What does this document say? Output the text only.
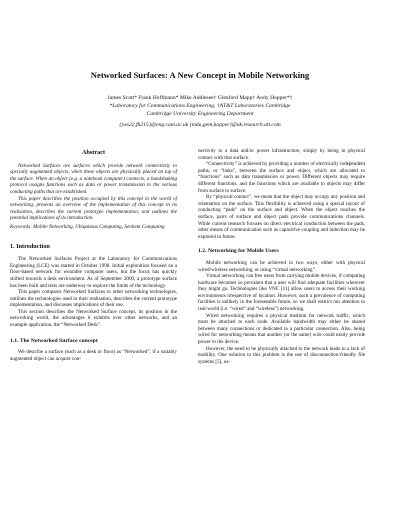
Networked Surfaces: A New Concept in Mobile Networking
James Scott* Frank Hoffmann* Mike Addlesee† Glenford Mapp† Andy Hopper*†
*Laboratory for Communications Engineering, †AT&T Laboratories Cambridge
Cambridge University Engineering Department
{jws22,fh215}@eng.cam.ac.uk {mda,gem,hopper}@uk.research.att.com
Abstract

Networked Surfaces are surfaces which provide network connectivity to specially augmented objects, when these objects are physically placed on top of the surface. When an object (e.g. a notebook computer) connects, a handshaking protocol assigns functions such as data or power transmission to the various conducting paths that are established.

This paper describes the position occupied by this concept in the world of networking, presents an overview of the implementation of this concept in its realisation, describes the current prototype implementation, and outlines the potential implications of its introduction.

Keywords: Mobile Networking, Ubiquitous Computing, Sentient Computing

1. Introduction

The Networked Surfaces Project at the Laboratory for Communications Engineering (LCE) was started in October 1998. Initial exploration focused on a floor-based network for wearable computer users, but the focus has quickly shifted towards a desk environment. As of September 2000, a prototype surface has been built and tests are underway to explore the limits of the technology.

This paper compares Networked Surfaces to other networking technologies, outlines the technologies used in their realisation, describes the current prototype implementation, and discusses implications of their use.

This section describes the Networked Surface concept, its position in the networking world, the advantages it exhibits over other networks, and an example application, the “Networked Desk”.

1.1. The Networked Surface concept

We describe a surface (such as a desk or floor) as “Networked”, if a suitably augmented object can acquire con-

nectivity to a data and/or power infrastructure, simply by being in physical contact with that surface.

“Connectivity” is achieved by providing a number of electrically independent paths, or “links”, between the surface and object, which are allocated to “functions” such as data transmission or power. Different objects may require different functions, and the functions which are available to objects may differ from surface to surface.

By “physical contact”, we mean that the object may occupy any position and orientation on the surface. This flexibility is achieved using a special layout of conducting “pads” on the surface and object. When the object touches the surface, pairs of surface and object pads provide communications channels. While current research focuses on direct electrical conduction between the pads, other means of communication such as capacitive coupling and induction may be explored in future.

1.2. Networking for Mobile Users

Mobile networking can be achieved in two ways, either with physical wired/wireless networking, or using “virtual networking”.

Virtual networking can free users from carrying mobile devices, if computing hardware becomes so prevalent that a user will find adequate facilities wherever they might go. Technologies like VNC [11] allow users to access their working environments irrespective of location. However, such a prevalence of computing facilities is unlikely in the foreseeable future, so we shall restrict our attention to real-world (i.e. “wired” and “wireless”) networking.

Wired networking requires a physical medium for network traffic, which must be attached to each node. Available bandwidth may either be shared between many connections or dedicated to a particular connection. Also, being wired for networking means that another (or the same) wire could easily provide power to the device.

However, the need to be physically attached to the network leads to a lack of mobility. One solution to this problem is the use of disconnection-friendly file systems [5], us-
